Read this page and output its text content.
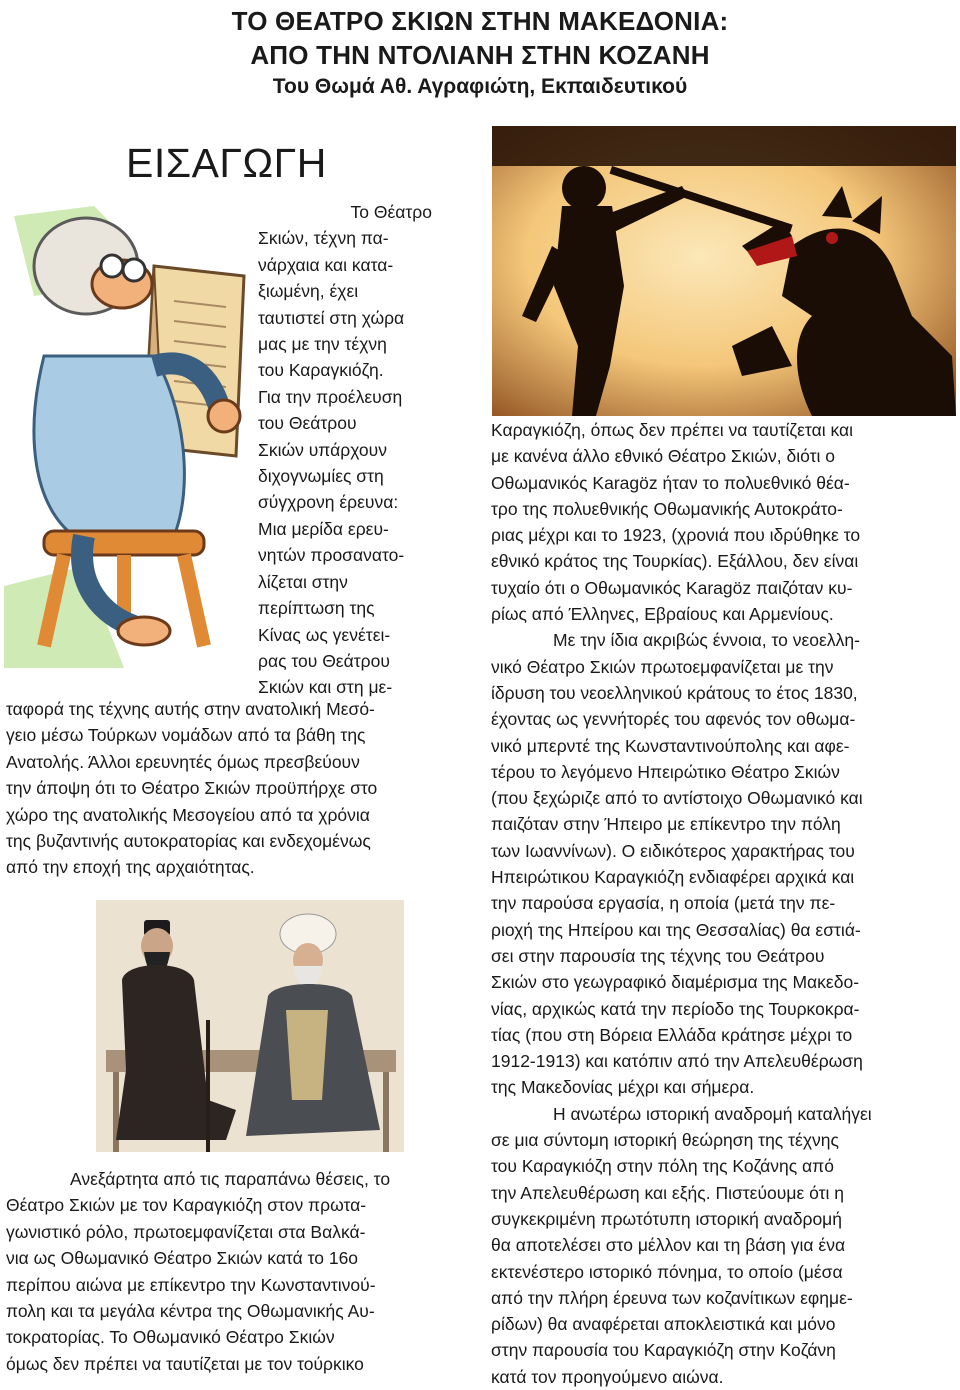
ΤΟ ΘΕΑΤΡΟ ΣΚΙΩΝ ΣΤΗΝ ΜΑΚΕΔΟΝΙΑ:
ΑΠΟ ΤΗΝ ΝΤΟΛΙΑΝΗ ΣΤΗΝ ΚΟΖΑΝΗ
Του Θωμά Αθ. Αγραφιώτη, Εκπαιδευτικού
ΕΙΣΑΓΩΓΗ
Το Θέατρο
Σκιών, τέχνη πα-
νάρχαια και κατα-
ξιωμένη, έχει
ταυτιστεί στη χώρα
μας με την τέχνη
του Καραγκιόζη.
Για την προέλευση
του Θεάτρου
Σκιών υπάρχουν
διχογνωμίες στη
σύγχρονη έρευνα:
Μια μερίδα ερευ-
νητών προσανατο-
λίζεται στην
περίπτωση της
Κίνας ως γενέτει-
ρας του Θεάτρου
Σκιών και στη με-
ταφορά της τέχνης αυτής στην ανατολική Μεσό-
γειο μέσω Τούρκων νομάδων από τα βάθη της
Ανατολής. Άλλοι ερευνητές όμως πρεσβεύουν
την άποψη ότι το Θέατρο Σκιών προϋπήρχε στο
χώρο της ανατολικής Μεσογείου από τα χρόνια
της βυζαντινής αυτοκρατορίας και ενδεχομένως
από την εποχή της αρχαιότητας.
Ανεξάρτητα από τις παραπάνω θέσεις, το
Θέατρο Σκιών με τον Καραγκιόζη στον πρωτα-
γωνιστικό ρόλο, πρωτοεμφανίζεται στα Βαλκά-
νια ως Οθωμανικό Θέατρο Σκιών κατά το 16ο
περίπου αιώνα με επίκεντρο την Κωνσταντινού-
πολη και τα μεγάλα κέντρα της Οθωμανικής Αυ-
τοκρατορίας. Το Οθωμανικό Θέατρο Σκιών
όμως δεν πρέπει να ταυτίζεται με τον τούρκικο
Καραγκιόζη, όπως δεν πρέπει να ταυτίζεται και
με κανένα άλλο εθνικό Θέατρο Σκιών, διότι ο
Οθωμανικός Karagöz ήταν το πολυεθνικό θέα-
τρο της πολυεθνικής Οθωμανικής Αυτοκράτο-
ριας μέχρι και το 1923, (χρονιά που ιδρύθηκε το
εθνικό κράτος της Τουρκίας). Εξάλλου, δεν είναι
τυχαίο ότι ο Οθωμανικός Karagöz παιζόταν κυ-
ρίως από Έλληνες, Εβραίους και Αρμενίους.
Με την ίδια ακριβώς έννοια, το νεοελλη-
νικό Θέατρο Σκιών πρωτοεμφανίζεται με την
ίδρυση του νεοελληνικού κράτους το έτος 1830,
έχοντας ως γεννήτορές του αφενός τον οθωμα-
νικό μπερντέ της Κωνσταντινούπολης και αφε-
τέρου το λεγόμενο Ηπειρώτικο Θέατρο Σκιών
(που ξεχώριζε από το αντίστοιχο Οθωμανικό και
παιζόταν στην Ήπειρο με επίκεντρο την πόλη
των Ιωαννίνων). Ο ειδικότερος χαρακτήρας του
Ηπειρώτικου Καραγκιόζη ενδιαφέρει αρχικά και
την παρούσα εργασία, η οποία (μετά την πε-
ριοχή της Ηπείρου και της Θεσσαλίας) θα εστιά-
σει στην παρουσία της τέχνης του Θεάτρου
Σκιών στο γεωγραφικό διαμέρισμα της Μακεδο-
νίας, αρχικώς κατά την περίοδο της Τουρκοκρα-
τίας (που στη Βόρεια Ελλάδα κράτησε μέχρι το
1912-1913) και κατόπιν από την Απελευθέρωση
της Μακεδονίας μέχρι και σήμερα.
Η ανωτέρω ιστορική αναδρομή καταλήγει
σε μια σύντομη ιστορική θεώρηση της τέχνης
του Καραγκιόζη στην πόλη της Κοζάνης από
την Απελευθέρωση και εξής. Πιστεύουμε ότι η
συγκεκριμένη πρωτότυπη ιστορική αναδρομή
θα αποτελέσει στο μέλλον και τη βάση για ένα
εκτενέστερο ιστορικό πόνημα, το οποίο (μέσα
από την πλήρη έρευνα των κοζανίτικων εφημε-
ρίδων) θα αναφέρεται αποκλειστικά και μόνο
στην παρουσία του Καραγκιόζη στην Κοζάνη
κατά τον προηγούμενο αιώνα.
